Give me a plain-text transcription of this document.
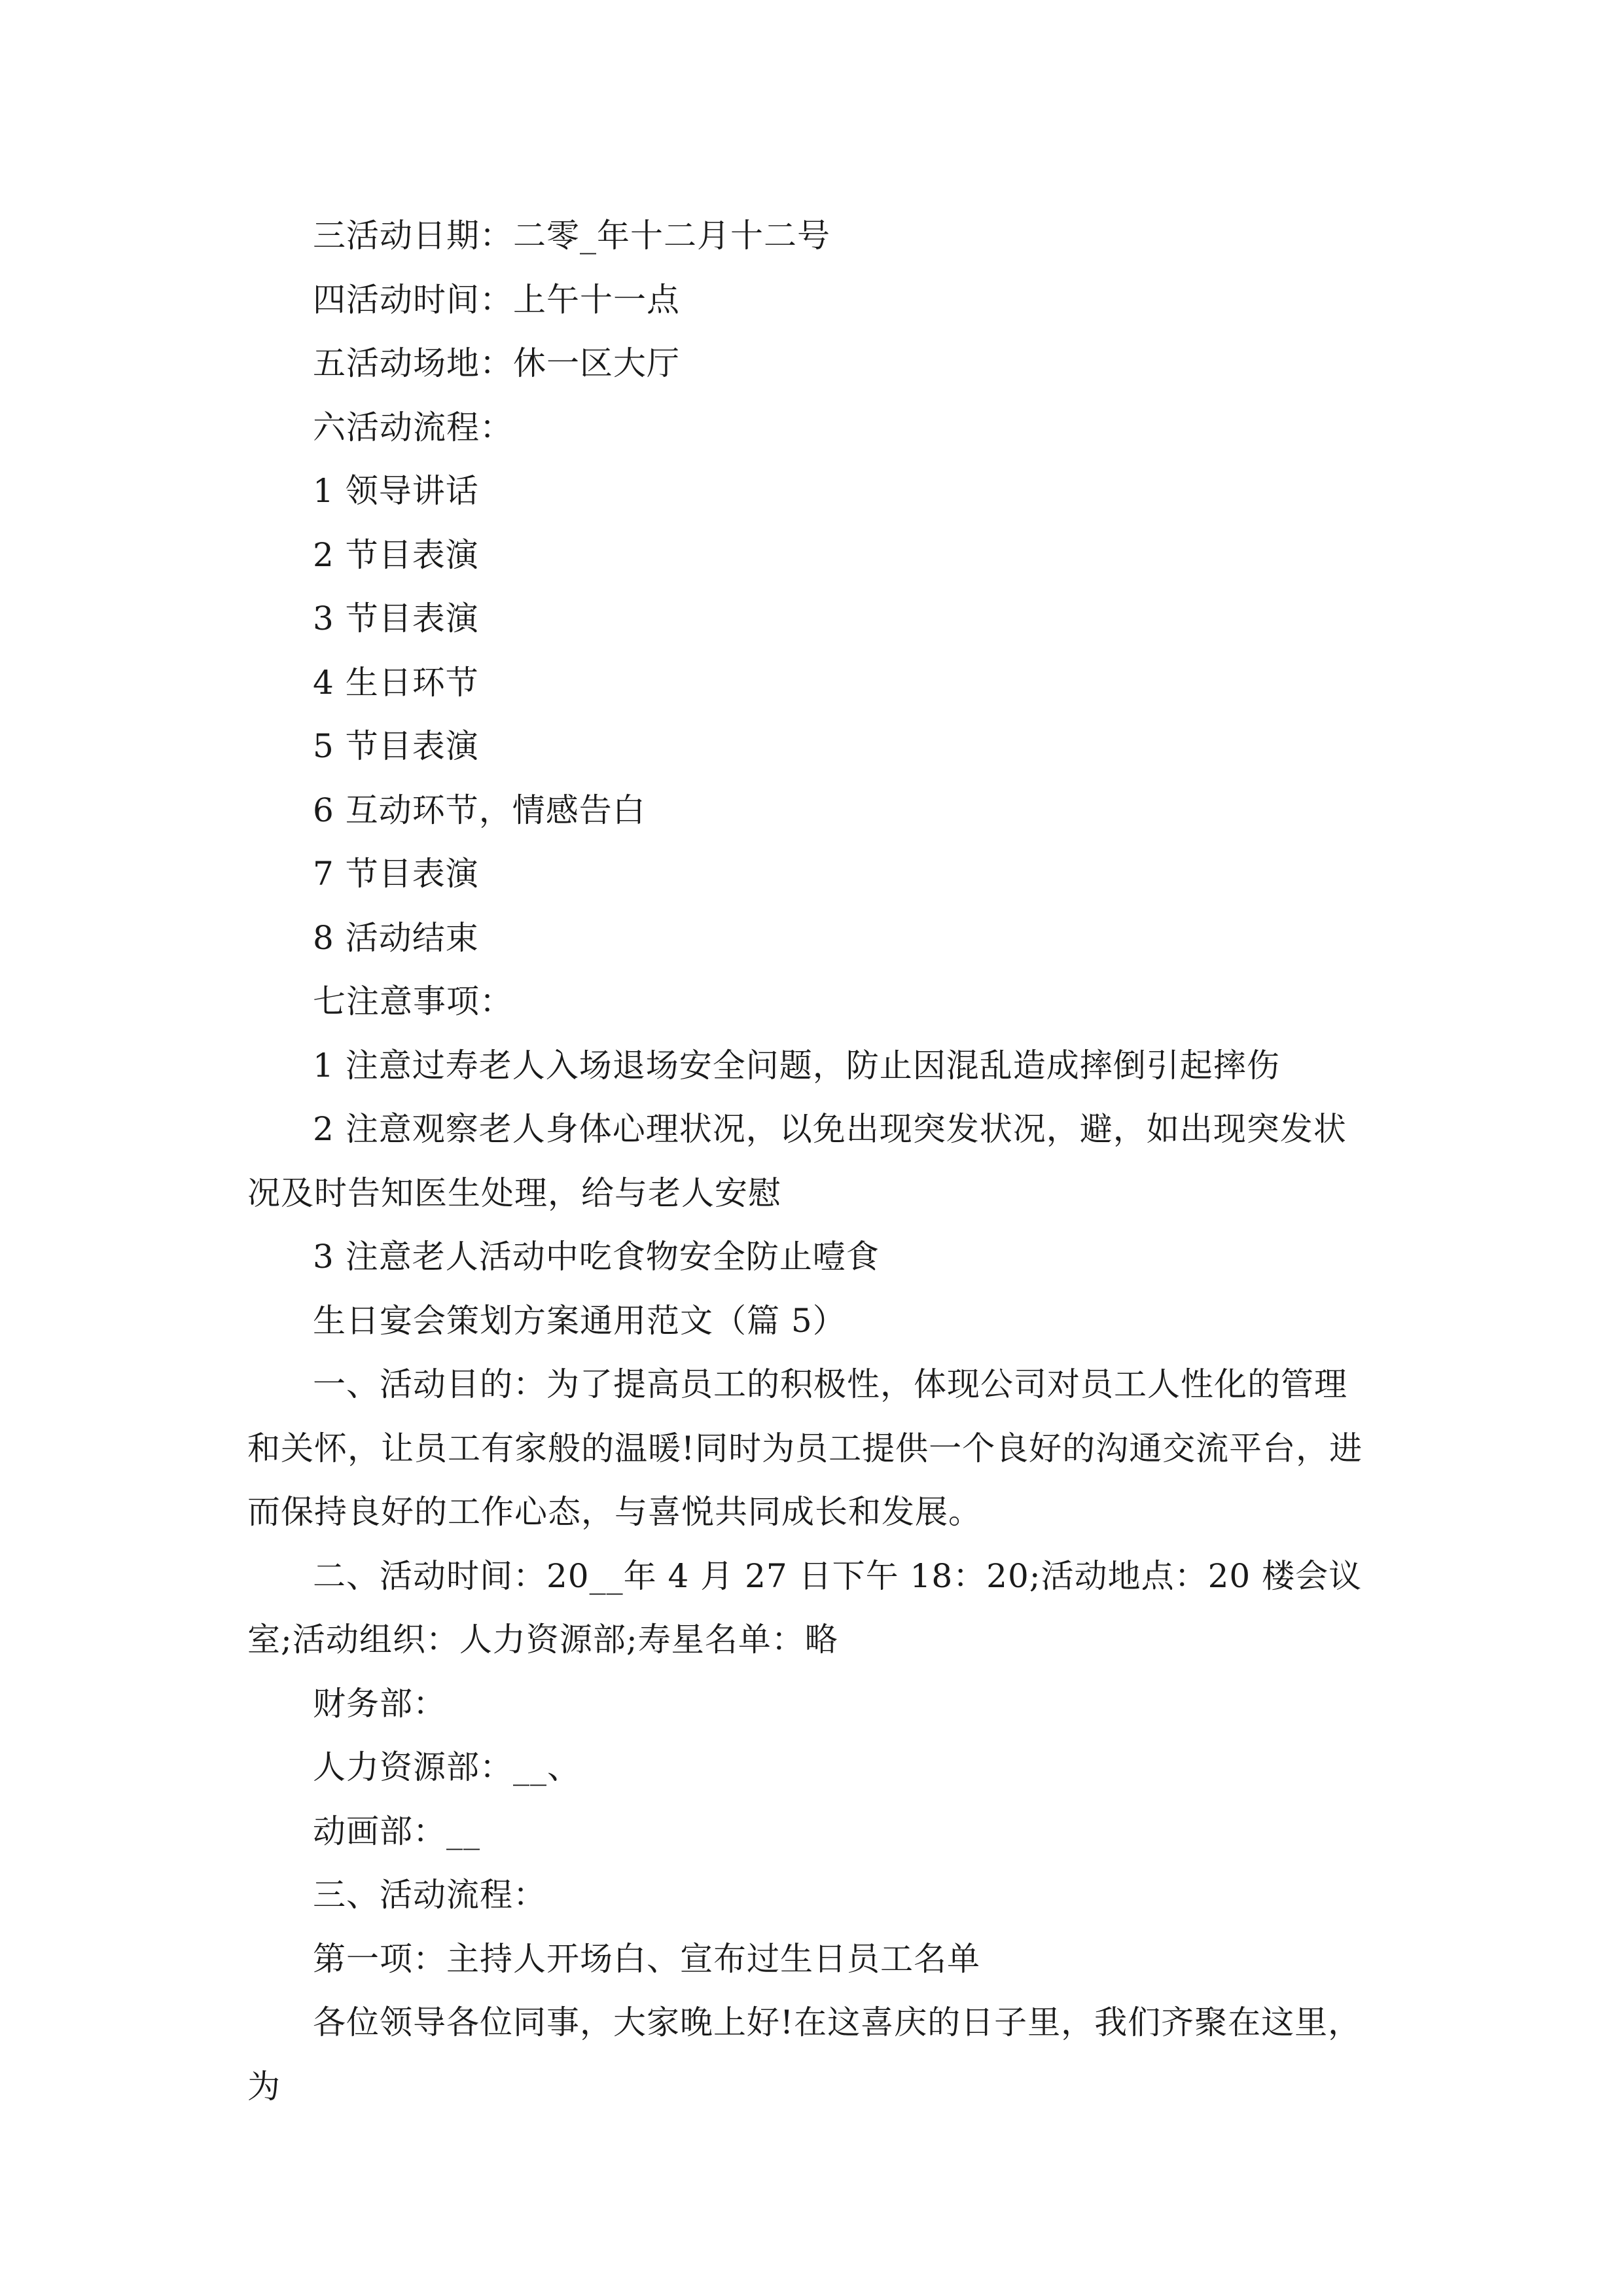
三活动日期：二零_年十二月十二号

四活动时间：上午十一点

五活动场地：休一区大厅

六活动流程：

1 领导讲话

2 节目表演

3 节目表演

4 生日环节

5 节目表演

6 互动环节，情感告白

7 节目表演

8 活动结束

七注意事项：

1 注意过寿老人入场退场安全问题，防止因混乱造成摔倒引起摔伤

2 注意观察老人身体心理状况，以免出现突发状况，避，如出现突发状况及时告知医生处理，给与老人安慰

3 注意老人活动中吃食物安全防止噎食

生日宴会策划方案通用范文（篇 5）

一、活动目的：为了提高员工的积极性，体现公司对员工人性化的管理和关怀，让员工有家般的温暖!同时为员工提供一个良好的沟通交流平台，进而保持良好的工作心态，与喜悦共同成长和发展。

二、活动时间：20__年 4 月 27 日下午 18：20;活动地点：20 楼会议室;活动组织：人力资源部;寿星名单：略

财务部：

人力资源部：__、

动画部：__

三、活动流程：

第一项：主持人开场白、宣布过生日员工名单

各位领导各位同事，大家晚上好!在这喜庆的日子里，我们齐聚在这里，为
